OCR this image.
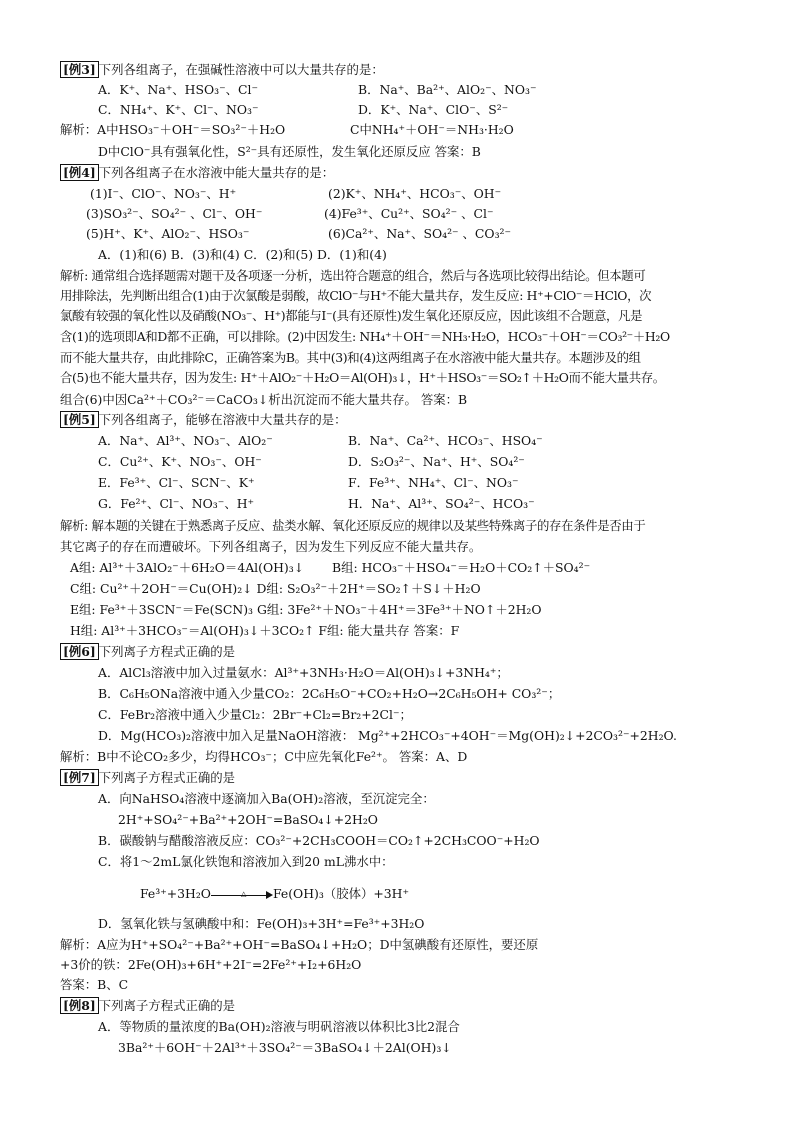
[例3] 下列各组离子，在强碱性溶液中可以大量共存的是：
A．K⁺、Na⁺、HSO₃⁻、Cl⁻	B．Na⁺、Ba²⁺、AlO₂⁻、NO₃⁻
C．NH₄⁺、K⁺、Cl⁻、NO₃⁻	D．K⁺、Na⁺、ClO⁻、S²⁻
解析：A中HSO₃⁻＋OH⁻＝SO₃²⁻＋H₂O	C中NH₄⁺＋OH⁻＝NH₃·H₂O
D中ClO⁻具有强氧化性，S²⁻具有还原性，发生氧化还原反应 答案：B
[例4] 下列各组离子在水溶液中能大量共存的是：
(1)I⁻、ClO⁻、NO₃⁻、H⁺	(2)K⁺、NH₄⁺、HCO₃⁻、OH⁻
(3)SO₃²⁻、SO₄²⁻ 、Cl⁻、OH⁻	(4)Fe³⁺、Cu²⁺、SO₄²⁻ 、Cl⁻
(5)H⁺、K⁺、AlO₂⁻、HSO₃⁻	(6)Ca²⁺、Na⁺、SO₄²⁻ 、CO₃²⁻
A．(1)和(6) B．(3)和(4) C．(2)和(5) D．(1)和(4)
解析: 通常组合选择题需对题干及各项逐一分析，选出符合题意的组合，然后与各选项比较得出结论。但本题可
用排除法，先判断出组合(1)由于次氯酸是弱酸，故ClO⁻与H⁺不能大量共存，发生反应: H⁺+ClO⁻＝HClO，次
氯酸有较强的氧化性以及硝酸(NO₃⁻、H⁺)都能与I⁻(具有还原性)发生氧化还原反应，因此该组不合题意，凡是
含(1)的选项即A和D都不正确，可以排除。(2)中因发生: NH₄⁺＋OH⁻＝NH₃·H₂O，HCO₃⁻＋OH⁻＝CO₃²⁻＋H₂O
而不能大量共存，由此排除C，正确答案为B。其中(3)和(4)这两组离子在水溶液中能大量共存。本题涉及的组
合(5)也不能大量共存，因为发生: H⁺＋AlO₂⁻＋H₂O＝Al(OH)₃↓，H⁺＋HSO₃⁻＝SO₂↑＋H₂O而不能大量共存。
组合(6)中因Ca²⁺＋CO₃²⁻＝CaCO₃↓析出沉淀而不能大量共存。 答案：B
[例5] 下列各组离子，能够在溶液中大量共存的是：
A．Na⁺、Al³⁺、NO₃⁻、AlO₂⁻	B．Na⁺、Ca²⁺、HCO₃⁻、HSO₄⁻
C．Cu²⁺、K⁺、NO₃⁻、OH⁻	D．S₂O₃²⁻、Na⁺、H⁺、SO₄²⁻
E．Fe³⁺、Cl⁻、SCN⁻、K⁺	F．Fe³⁺、NH₄⁺、Cl⁻、NO₃⁻
G．Fe²⁺、Cl⁻、NO₃⁻、H⁺	H．Na⁺、Al³⁺、SO₄²⁻、HCO₃⁻
解析: 解本题的关键在于熟悉离子反应、盐类水解、氧化还原反应的规律以及某些特殊离子的存在条件是否由于
其它离子的存在而遭破坏。下列各组离子，因为发生下列反应不能大量共存。
A组: Al³⁺＋3AlO₂⁻＋6H₂O＝4Al(OH)₃↓ B组: HCO₃⁻＋HSO₄⁻＝H₂O＋CO₂↑＋SO₄²⁻
C组: Cu²⁺＋2OH⁻＝Cu(OH)₂↓ D组: S₂O₃²⁻＋2H⁺＝SO₂↑＋S↓＋H₂O
E组: Fe³⁺＋3SCN⁻＝Fe(SCN)₃ G组: 3Fe²⁺＋NO₃⁻＋4H⁺＝3Fe³⁺＋NO↑＋2H₂O
H组: Al³⁺＋3HCO₃⁻＝Al(OH)₃↓＋3CO₂↑ F组: 能大量共存 答案：F
[例6] 下列离子方程式正确的是
A．AlCl₃溶液中加入过量氨水：Al³⁺+3NH₃·H₂O＝Al(OH)₃↓+3NH₄⁺；
B．C₆H₅ONa溶液中通入少量CO₂：2C₆H₅O⁻+CO₂+H₂O→2C₆H₅OH+ CO₃²⁻；
C．FeBr₂溶液中通入少量Cl₂：2Br⁻+Cl₂=Br₂+2Cl⁻；
D．Mg(HCO₃)₂溶液中加入足量NaOH溶液： Mg²⁺+2HCO₃⁻+4OH⁻＝Mg(OH)₂↓+2CO₃²⁻+2H₂O.
解析：B中不论CO₂多少，均得HCO₃⁻；C中应先氧化Fe²⁺。 答案：A、D
[例7] 下列离子方程式正确的是
A．向NaHSO₄溶液中逐滴加入Ba(OH)₂溶液，至沉淀完全：
2H⁺+SO₄²⁻+Ba²⁺+2OH⁻=BaSO₄↓+2H₂O
B．碳酸钠与醋酸溶液反应：CO₃²⁻+2CH₃COOH＝CO₂↑+2CH₃COO⁻+H₂O
C．将1～2mL氯化铁饱和溶液加入到20 mL沸水中：
Fe³⁺+3H₂O	△ Fe(OH)₃（胶体）+3H⁺
D．氢氧化铁与氢碘酸中和：Fe(OH)₃+3H⁺=Fe³⁺+3H₂O
解析：A应为H⁺+SO₄²⁻+Ba²⁺+OH⁻=BaSO₄↓+H₂O；D中氢碘酸有还原性，要还原
+3价的铁：2Fe(OH)₃+6H⁺+2I⁻=2Fe²⁺+I₂+6H₂O
答案：B、C
[例8] 下列离子方程式正确的是
A．等物质的量浓度的Ba(OH)₂溶液与明矾溶液以体积比3比2混合
3Ba²⁺＋6OH⁻＋2Al³⁺＋3SO₄²⁻＝3BaSO₄↓＋2Al(OH)₃↓
